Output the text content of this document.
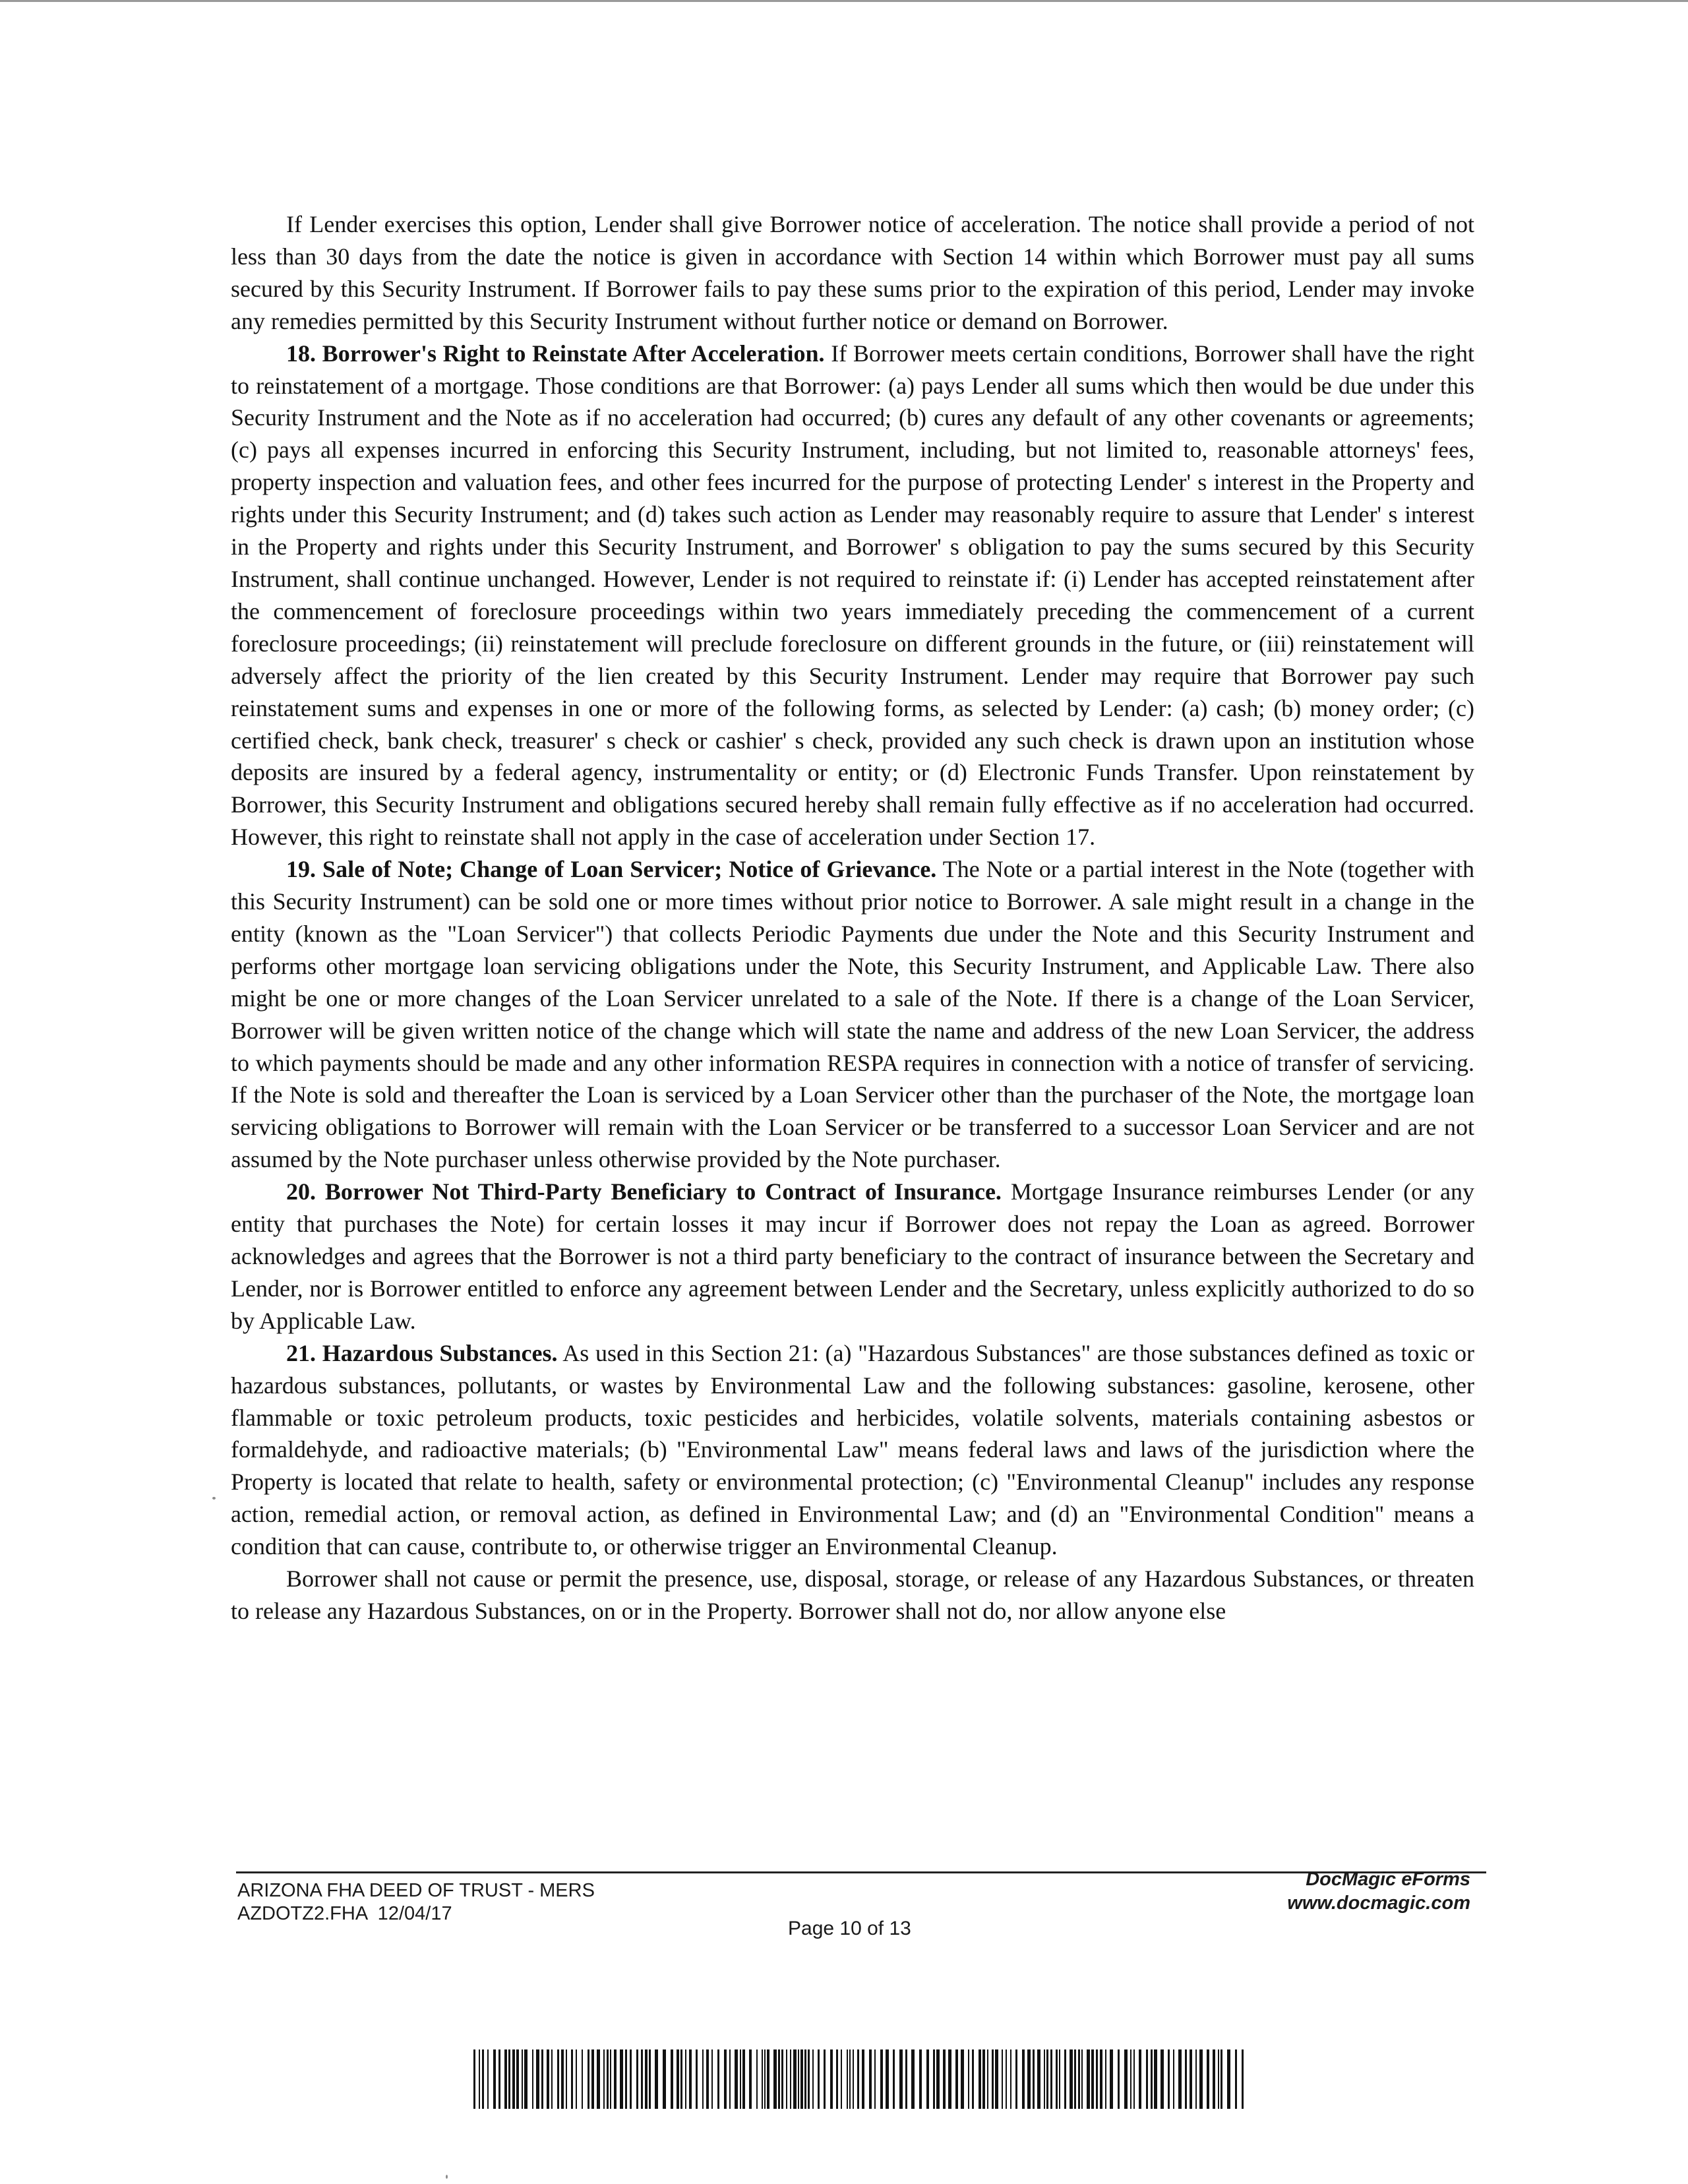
If Lender exercises this option, Lender shall give Borrower notice of acceleration. The notice shall provide a period of not less than 30 days from the date the notice is given in accordance with Section 14 within which Borrower must pay all sums secured by this Security Instrument. If Borrower fails to pay these sums prior to the expiration of this period, Lender may invoke any remedies permitted by this Security Instrument without further notice or demand on Borrower.

18. Borrower's Right to Reinstate After Acceleration. If Borrower meets certain conditions, Borrower shall have the right to reinstatement of a mortgage. Those conditions are that Borrower: (a) pays Lender all sums which then would be due under this Security Instrument and the Note as if no acceleration had occurred; (b) cures any default of any other covenants or agreements; (c) pays all expenses incurred in enforcing this Security Instrument, including, but not limited to, reasonable attorneys' fees, property inspection and valuation fees, and other fees incurred for the purpose of protecting Lender' s interest in the Property and rights under this Security Instrument; and (d) takes such action as Lender may reasonably require to assure that Lender' s interest in the Property and rights under this Security Instrument, and Borrower' s obligation to pay the sums secured by this Security Instrument, shall continue unchanged. However, Lender is not required to reinstate if: (i) Lender has accepted reinstatement after the commencement of foreclosure proceedings within two years immediately preceding the commencement of a current foreclosure proceedings; (ii) reinstatement will preclude foreclosure on different grounds in the future, or (iii) reinstatement will adversely affect the priority of the lien created by this Security Instrument. Lender may require that Borrower pay such reinstatement sums and expenses in one or more of the following forms, as selected by Lender: (a) cash; (b) money order; (c) certified check, bank check, treasurer' s check or cashier' s check, provided any such check is drawn upon an institution whose deposits are insured by a federal agency, instrumentality or entity; or (d) Electronic Funds Transfer. Upon reinstatement by Borrower, this Security Instrument and obligations secured hereby shall remain fully effective as if no acceleration had occurred. However, this right to reinstate shall not apply in the case of acceleration under Section 17.

19. Sale of Note; Change of Loan Servicer; Notice of Grievance. The Note or a partial interest in the Note (together with this Security Instrument) can be sold one or more times without prior notice to Borrower. A sale might result in a change in the entity (known as the "Loan Servicer") that collects Periodic Payments due under the Note and this Security Instrument and performs other mortgage loan servicing obligations under the Note, this Security Instrument, and Applicable Law. There also might be one or more changes of the Loan Servicer unrelated to a sale of the Note. If there is a change of the Loan Servicer, Borrower will be given written notice of the change which will state the name and address of the new Loan Servicer, the address to which payments should be made and any other information RESPA requires in connection with a notice of transfer of servicing. If the Note is sold and thereafter the Loan is serviced by a Loan Servicer other than the purchaser of the Note, the mortgage loan servicing obligations to Borrower will remain with the Loan Servicer or be transferred to a successor Loan Servicer and are not assumed by the Note purchaser unless otherwise provided by the Note purchaser.

20. Borrower Not Third-Party Beneficiary to Contract of Insurance. Mortgage Insurance reimburses Lender (or any entity that purchases the Note) for certain losses it may incur if Borrower does not repay the Loan as agreed. Borrower acknowledges and agrees that the Borrower is not a third party beneficiary to the contract of insurance between the Secretary and Lender, nor is Borrower entitled to enforce any agreement between Lender and the Secretary, unless explicitly authorized to do so by Applicable Law.

21. Hazardous Substances. As used in this Section 21: (a) "Hazardous Substances" are those substances defined as toxic or hazardous substances, pollutants, or wastes by Environmental Law and the following substances: gasoline, kerosene, other flammable or toxic petroleum products, toxic pesticides and herbicides, volatile solvents, materials containing asbestos or formaldehyde, and radioactive materials; (b) "Environmental Law" means federal laws and laws of the jurisdiction where the Property is located that relate to health, safety or environmental protection; (c) "Environmental Cleanup" includes any response action, remedial action, or removal action, as defined in Environmental Law; and (d) an "Environmental Condition" means a condition that can cause, contribute to, or otherwise trigger an Environmental Cleanup.

Borrower shall not cause or permit the presence, use, disposal, storage, or release of any Hazardous Substances, or threaten to release any Hazardous Substances, on or in the Property. Borrower shall not do, nor allow anyone else

ARIZONA FHA DEED OF TRUST - MERS
AZDOTZ2.FHA  12/04/17
DocMagic eForms
www.docmagic.com
Page 10 of 13
